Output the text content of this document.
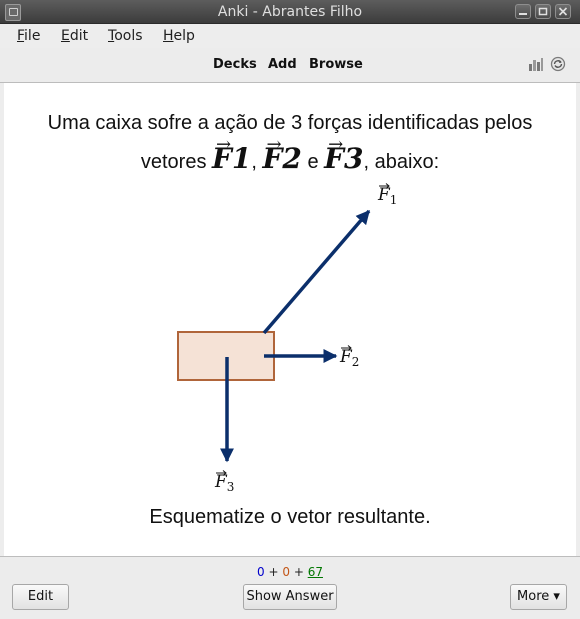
Anki - Abrantes Filho
File Edit Tools Help
Decks Add Browse
Uma caixa sofre a ação de 3 forças identificadas pelos
vetores → F1, → F2 e → F3, abaixo:
$F_1$
$F_2$
$F_3$
Esquematize o vetor resultante.
0 + 0 + 67
Edit	Show Answer	More ▾
